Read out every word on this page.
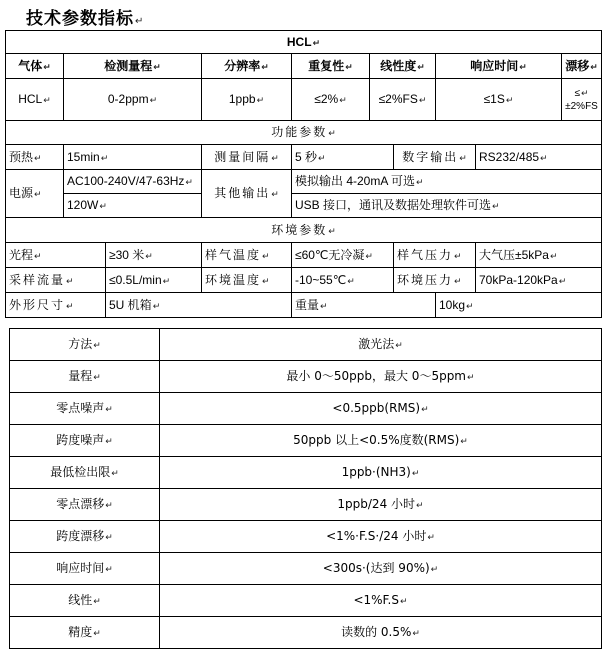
技术参数指标↵
HCL↵									
气体↵	检测量程↵		分辨率↵	重复性↵	线性度↵		响应时间↵		漂移↵
HCL↵	0-2ppm↵		1ppb↵	≤2%↵	≤2%FS↵		≤1S↵		≤↵
±2%FS
功能参数↵									
预热↵	15min↵		测量间隔↵	5 秒↵		数字输出↵		RS232/485↵	
电源↵	AC100-240V/47-63Hz↵		其他输出↵	模拟输出 4-20mA 可选↵					
	120W↵			USB 接口，通讯及数据处理软件可选↵					
环境参数↵									
光程↵		≥30 米↵	样气温度↵	≤60℃无冷凝↵		样气压力↵		大气压±5kPa↵	
采样流量↵		≤0.5L/min↵	环境温度↵	-10~55℃↵		环境压力↵		70kPa-120kPa↵	
外形尺寸↵		5U 机箱↵		重量↵			10kg↵		
方法↵	激光法↵
量程↵	最小 0～50ppb，最大 0～5ppm↵
零点噪声↵	<0.5ppb(RMS)↵
跨度噪声↵	50ppb 以上<0.5%度数(RMS)↵
最低检出限↵	1ppb·(NH3)↵
零点漂移↵	1ppb/24 小时↵
跨度漂移↵	<1%·F.S·/24 小时↵
响应时间↵	<300s·(达到 90%)↵
线性↵	<1%F.S↵
精度↵	读数的 0.5%↵
